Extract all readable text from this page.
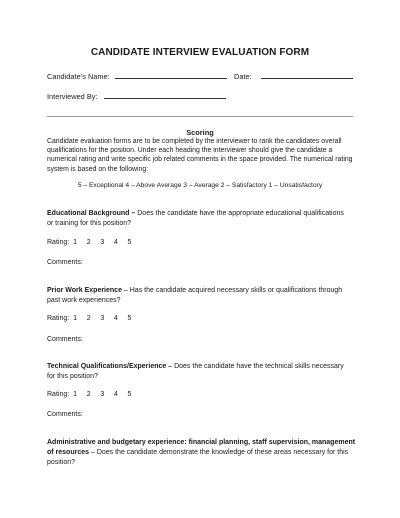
CANDIDATE INTERVIEW EVALUATION FORM
Candidate’s Name:	Date:
Interviewed By:
Scoring
Candidate evaluation forms are to be completed by the interviewer to rank the candidates overall
qualifications for the position. Under each heading the interviewer should give the candidate a
numerical rating and write specific job related comments in the space provided. The numerical rating
system is based on the following:
5 – Exceptional 4 – Above Average 3 – Average 2 – Satisfactory 1 – Unsatisfactory
Educational Background – Does the candidate have the appropriate educational qualifications
or training for this position?
Rating: 1     2     3     4     5
Comments:
Prior Work Experience – Has the candidate acquired necessary skills or qualifications through
past work experiences?
Rating: 1     2     3     4     5
Comments:
Technical Qualifications/Experience – Does the candidate have the technical skills necessary
for this position?
Rating: 1     2     3     4     5
Comments:
Administrative and budgetary experience: financial planning, staff supervision, management
of resources – Does the candidate demonstrate the knowledge of these areas necessary for this
position?
